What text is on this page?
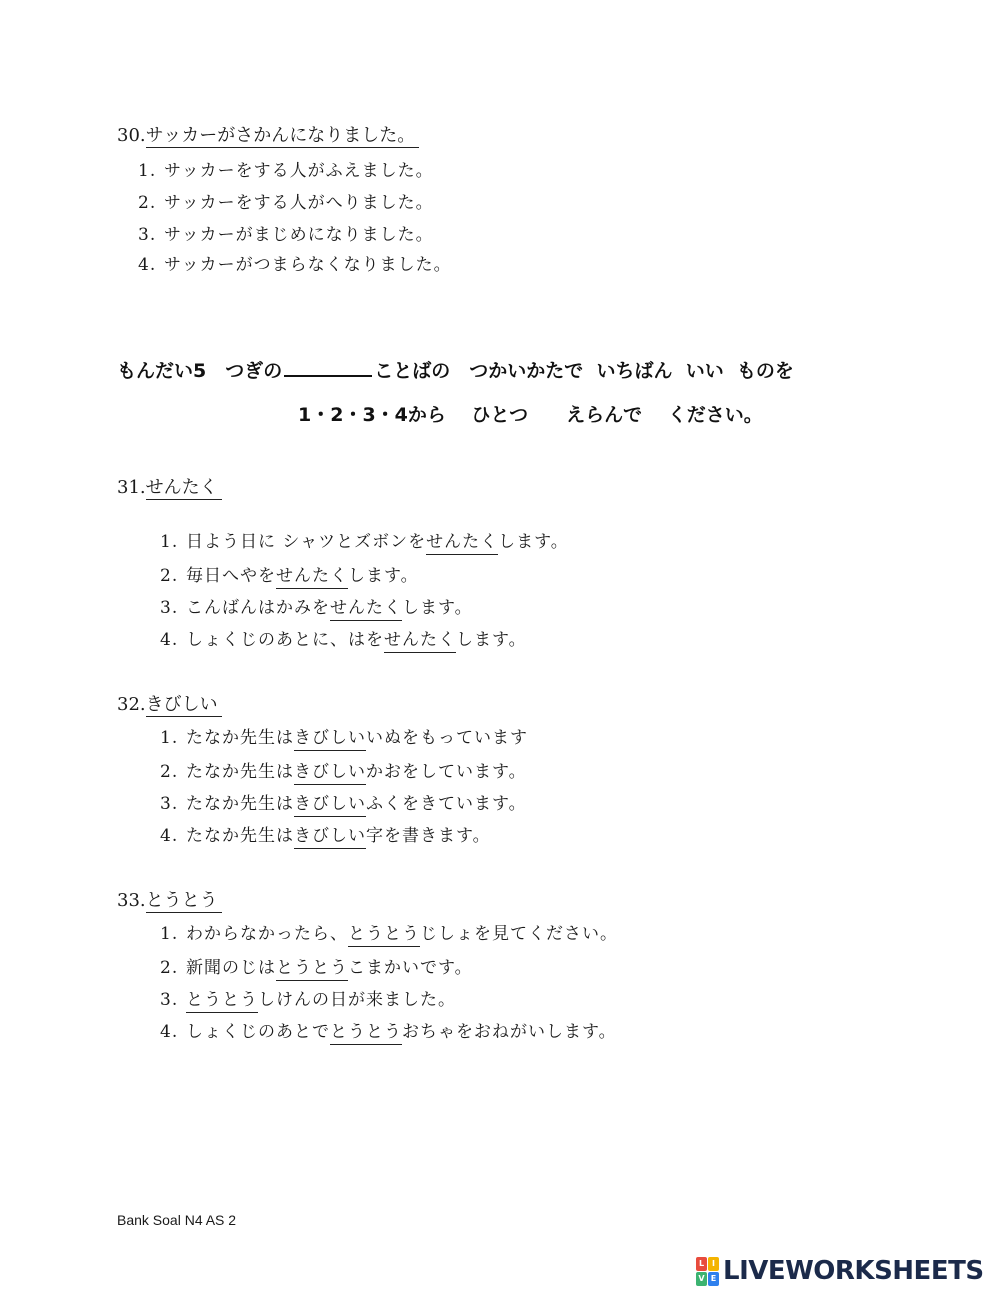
30.サッカーがさかんになりました。
1. サッカーをする人がふえました。
2. サッカーをする人がへりました。
3. サッカーがまじめになりました。
4. サッカーがつまらなくなりました。
もんだい5　つぎの	ことばの　つかいかたで  いちばん  いい  ものを
1・2・3・4から　 ひとつ　　えらんで　 ください。
31.せんたく
1. 日よう日に シャツとズボンをせんたくします。
2. 毎日へやをせんたくします。
3. こんばんはかみをせんたくします。
4. しょくじのあとに、はをせんたくします。
32.きびしい
1. たなか先生はきびしいいぬをもっています
2. たなか先生はきびしいかおをしています。
3. たなか先生はきびしいふくをきています。
4. たなか先生はきびしい字を書きます。
33.とうとう
1. わからなかったら、とうとうじしょを見てください。
2. 新聞のじはとうとうこまかいです。
3. とうとうしけんの日が来ました。
4. しょくじのあとでとうとうおちゃをおねがいします。
Bank Soal N4 AS 2
L I
V E LIVEWORKSHEETS
